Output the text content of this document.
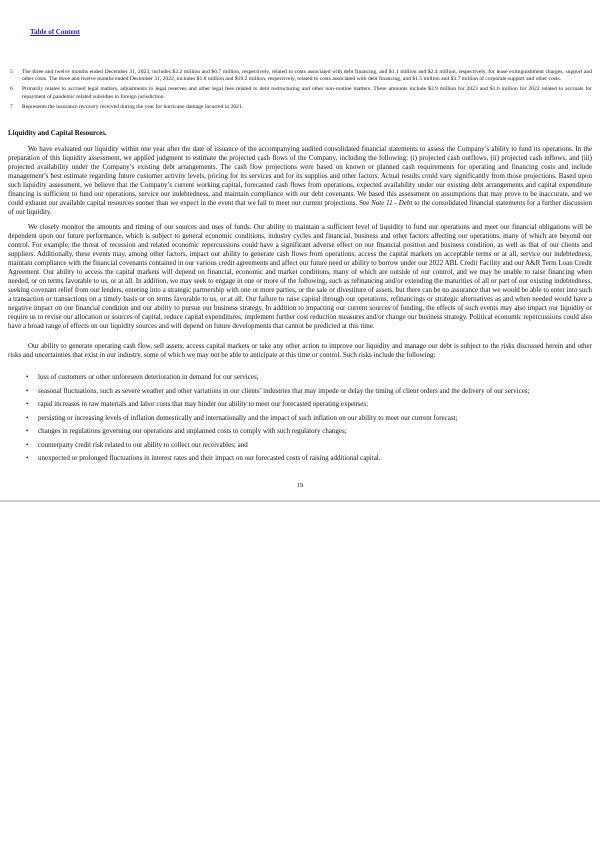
Table of Content
5	The three and twelve months ended December 31, 2023, includes $2.2 million and $6.7 million, respectively, related to costs associated with debt financing, and $1.1 million and $2.4 million, respectively, for lease extinguishment charges, support and other costs. The three and twelve months ended December 31, 2022, includes $1.8 million and $10.2 million, respectively, related to costs associated with debt financing, and $1.5 million and $3.7 million of corporate support and other costs.
6	Primarily relates to accrued legal matters, adjustments to legal reserves and other legal fees related to debt restructuring and other non-routine matters. These amounts include $3.9 million for 2023 and $1.6 million for 2022 related to accruals for repayment of pandemic related subsidies in foreign jurisdiction.
7	Represents the insurance recovery received during the year for hurricane damage incurred in 2021.
Liquidity and Capital Resources.

We have evaluated our liquidity within one year after the date of issuance of the accompanying audited consolidated financial statements to assess the Company’s ability to fund its operations. In the preparation of this liquidity assessment, we applied judgment to estimate the projected cash flows of the Company, including the following: (i) projected cash outflows, (ii) projected cash inflows, and (iii) projected availability under the Company’s existing debt arrangements. The cash flow projections were based on known or planned cash requirements for operating and financing costs and include management’s best estimate regarding future customer activity levels, pricing for its services and for its supplies and other factors. Actual results could vary significantly from those projections. Based upon such liquidity assessment, we believe that the Company’s current working capital, forecasted cash flows from operations, expected availability under our existing debt arrangements and capital expenditure financing is sufficient to fund our operations, service our indebtedness, and maintain compliance with our debt covenants. We based this assessment on assumptions that may prove to be inaccurate, and we could exhaust our available capital resources sooner than we expect in the event that we fail to meet our current projections. See Note 11 - Debt to the consolidated financial statements for a further discussion of our liquidity.

We closely monitor the amounts and timing of our sources and uses of funds. Our ability to maintain a sufficient level of liquidity to fund our operations and meet our financial obligations will be dependent upon our future performance, which is subject to general economic conditions, industry cycles and financial, business and other factors affecting our operations, many of which are beyond our control. For example, the threat of recession and related economic repercussions could have a significant adverse effect on our financial position and business condition, as well as that of our clients and suppliers. Additionally, these events may, among other factors, impact our ability to generate cash flows from operations, access the capital markets on acceptable terms or at all, service our indebtedness, maintain compliance with the financial covenants contained in our various credit agreements and affect our future need or ability to borrow under our 2022 ABL Credit Facility and our A&R Term Loan Credit Agreement. Our ability to access the capital markets will depend on financial, economic and market conditions, many of which are outside of our control, and we may be unable to raise financing when needed, or on terms favorable to us, or at all. In addition, we may seek to engage in one or more of the following, such as refinancing and/or extending the maturities of all or part of our existing indebtedness, seeking covenant relief from our lenders, entering into a strategic partnership with one or more parties, or the sale or divestiture of assets, but there can be no assurance that we would be able to enter into such a transaction or transactions on a timely basis or on terms favorable to us, or at all. Our failure to raise capital through our operations, refinancings or strategic alternatives as and when needed would have a negative impact on our financial condition and our ability to pursue our business strategy. In addition to impacting our current sources of funding, the effects of such events may also impact our liquidity or require us to revise our allocation or sources of capital, reduce capital expenditures, implement further cost reduction measures and/or change our business strategy. Political economic repercussions could also have a broad range of effects on our liquidity sources and will depend on future developments that cannot be predicted at this time.

Our ability to generate operating cash flow, sell assets, access capital markets or take any other action to improve our liquidity and manage our debt is subject to the risks discussed herein and other risks and uncertainties that exist in our industry, some of which we may not be able to anticipate at this time or control. Such risks include the following:

• loss of customers or other unforeseen deterioration in demand for our services;
• seasonal fluctuations, such as severe weather and other variations in our clients’ industries that may impede or delay the timing of client orders and the delivery of our services;
• rapid increases in raw materials and labor costs that may hinder our ability to meet our forecasted operating expenses;
• persisting or increasing levels of inflation domestically and internationally and the impact of such inflation on our ability to meet our current forecast;
• changes in regulations governing our operations and unplanned costs to comply with such regulatory changes;
• counterparty credit risk related to our ability to collect our receivables; and
• unexpected or prolonged fluctuations in interest rates and their impact on our forecasted costs of raising additional capital.
19
